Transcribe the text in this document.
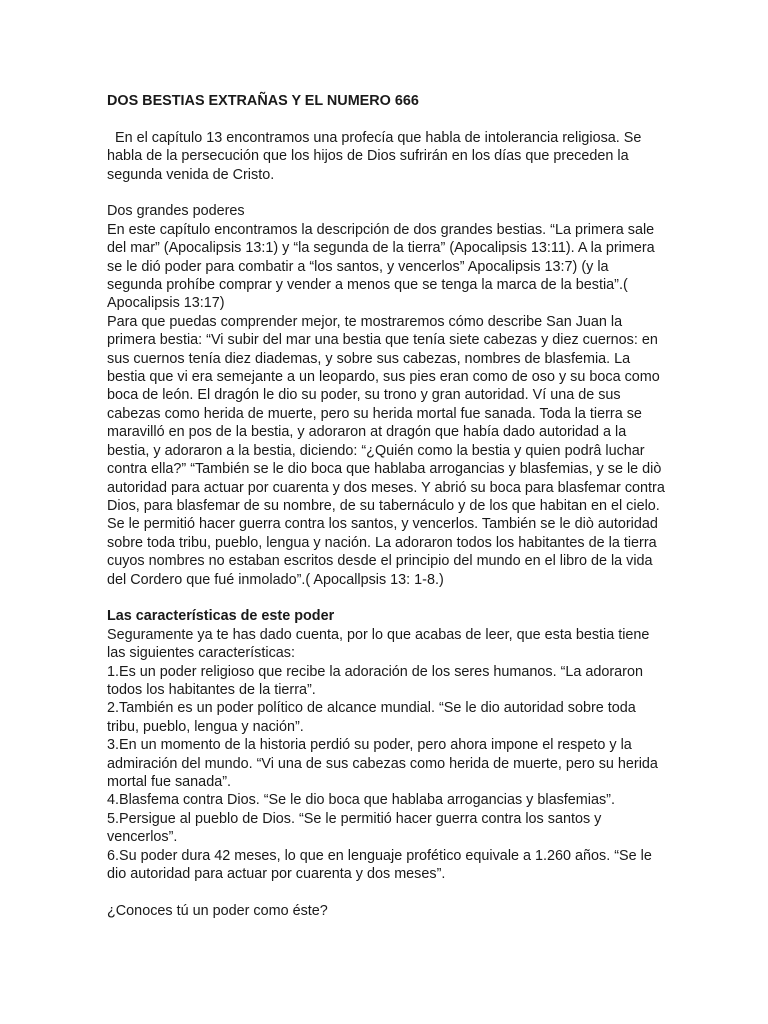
DOS BESTIAS EXTRAÑAS Y EL NUMERO 666

En el capítulo 13 encontramos una profecía que habla de intolerancia religiosa. Se habla de la persecución que los hijos de Dios sufrirán en los días que preceden la segunda venida de Cristo.

Dos grandes poderes

En este capítulo encontramos la descripción de dos grandes bestias. “La primera sale del mar” (Apocalipsis 13:1) y “la segunda de la tierra” (Apocalipsis 13:11). A la primera se le dió poder para combatir a “los santos, y vencerlos” Apocalipsis 13:7) (y la segunda prohíbe comprar y vender a menos que se tenga la marca de la bestia”.( Apocalipsis 13:17)

Para que puedas comprender mejor, te mostraremos cómo describe San Juan la primera bestia: “Vi subir del mar una bestia que tenía siete cabezas y diez cuernos: en sus cuernos tenía diez diademas, y sobre sus cabezas, nombres de blasfemia. La bestia que vi era semejante a un leopardo, sus pies eran como de oso y su boca como boca de león. El dragón le dio su poder, su trono y gran autoridad. Ví una de sus cabezas como herida de muerte, pero su herida mortal fue sanada. Toda la tierra se maravilló en pos de la bestia, y adoraron at dragón que había dado autoridad a la bestia, y adoraron a la bestia, diciendo: “¿Quién como la bestia y quien podrâ luchar contra ella?” “También se le dio boca que hablaba arrogancias y blasfemias, y se le diò autoridad para actuar por cuarenta y dos meses. Y abrió su boca para blasfemar contra Dios, para blasfemar de su nombre, de su tabernáculo y de los que habitan en el cielo. Se le permitió hacer guerra contra los santos, y vencerlos. También se le diò autoridad sobre toda tribu, pueblo, lengua y nación. La adoraron todos los habitantes de la tierra cuyos nombres no estaban escritos desde el principio del mundo en el libro de la vida del Cordero que fué inmolado”.( Apocallpsis 13: 1-8.)

Las características de este poder

Seguramente ya te has dado cuenta, por lo que acabas de leer, que esta bestia tiene las siguientes características:

1.Es un poder religioso que recibe la adoración de los seres humanos. “La adoraron todos los habitantes de la tierra”.

2.También es un poder político de alcance mundial. “Se le dio autoridad sobre toda tribu, pueblo, lengua y nación”.

3.En un momento de la historia perdió su poder, pero ahora impone el respeto y la admiración del mundo. “Vi una de sus cabezas como herida de muerte, pero su herida mortal fue sanada”.

4.Blasfema contra Dios. “Se le dio boca que hablaba arrogancias y blasfemias”.

5.Persigue al pueblo de Dios. “Se le permitió hacer guerra contra los santos y vencerlos”.

6.Su poder dura 42 meses, lo que en lenguaje profético equivale a 1.260 años. “Se le dio autoridad para actuar por cuarenta y dos meses”.

¿Conoces tú un poder como éste?
